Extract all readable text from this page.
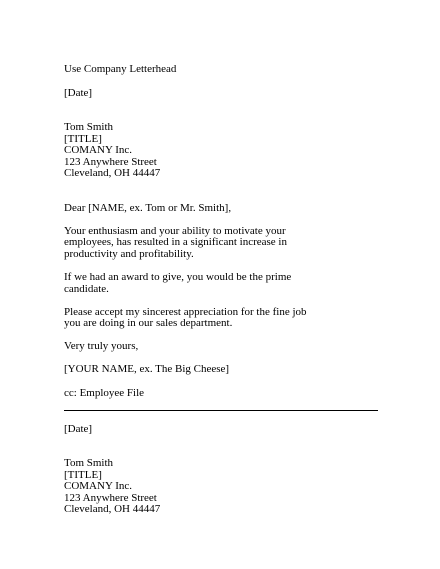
Use Company Letterhead
[Date]
Tom Smith
[TITLE]
COMANY Inc.
123 Anywhere Street
Cleveland, OH 44447
Dear [NAME, ex. Tom or Mr. Smith],
Your enthusiasm and your ability to motivate your
employees, has resulted in a significant increase in
productivity and profitability.
If we had an award to give, you would be the prime
candidate.
Please accept my sincerest appreciation for the fine job
you are doing in our sales department.
Very truly yours,
[YOUR NAME, ex. The Big Cheese]
cc: Employee File
[Date]
Tom Smith
[TITLE]
COMANY Inc.
123 Anywhere Street
Cleveland, OH 44447
